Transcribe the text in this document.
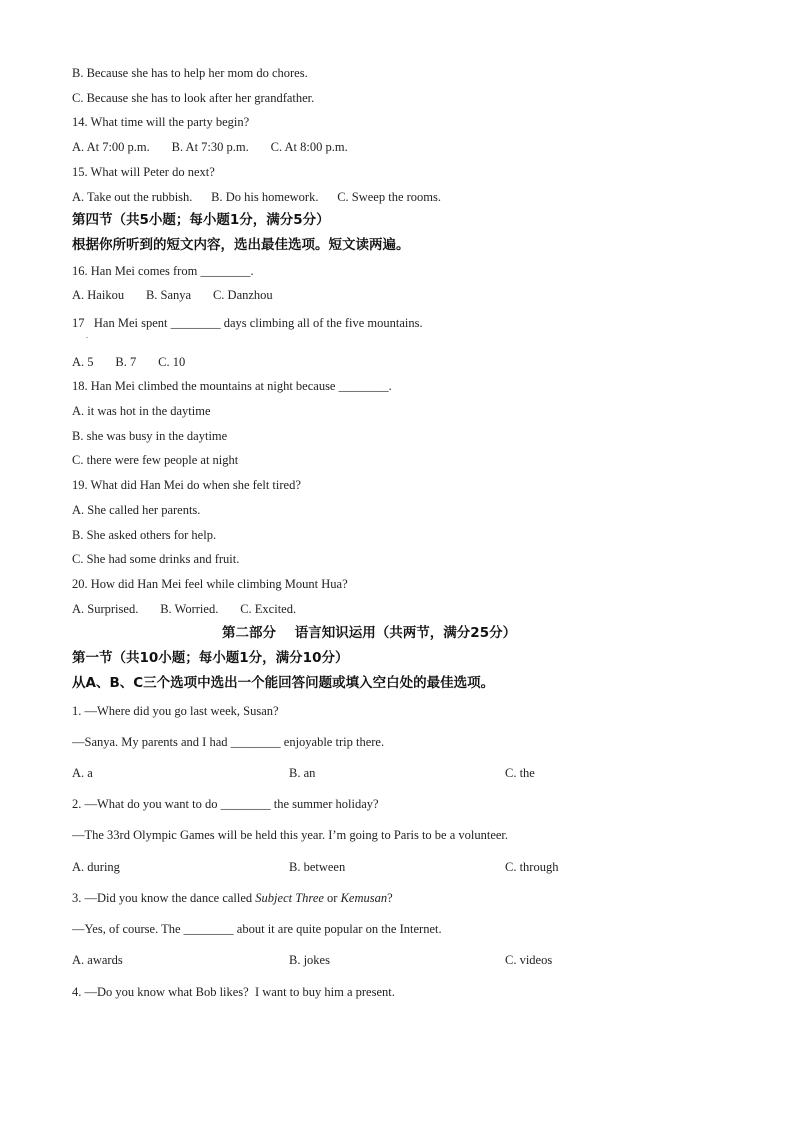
B. Because she has to help her mom do chores.
C. Because she has to look after her grandfather.
14. What time will the party begin?
A. At 7:00 p.m.       B. At 7:30 p.m.       C. At 8:00 p.m.
15. What will Peter do next?
A. Take out the rubbish.      B. Do his homework.      C. Sweep the rooms.
第四节（共5小题；每小题1分，满分5分）
根据你所听到的短文内容，选出最佳选项。短文读两遍。
16. Han Mei comes from ________.
A. Haikou       B. Sanya       C. Danzhou
17   Han Mei spent ________ days climbing all of the five mountains.
.
A. 5       B. 7       C. 10
18. Han Mei climbed the mountains at night because ________.
A. it was hot in the daytime
B. she was busy in the daytime
C. there were few people at night
19. What did Han Mei do when she felt tired?
A. She called her parents.
B. She asked others for help.
C. She had some drinks and fruit.
20. How did Han Mei feel while climbing Mount Hua?
A. Surprised.       B. Worried.       C. Excited.
第二部分    语言知识运用（共两节，满分25分）
第一节（共10小题；每小题1分，满分10分）
从A、B、C三个选项中选出一个能回答问题或填入空白处的最佳选项。
1. —Where did you go last week, Susan?
—Sanya. My parents and I had ________ enjoyable trip there.
A. a	B. an	C. the
2. —What do you want to do ________ the summer holiday?
—The 33rd Olympic Games will be held this year. I’m going to Paris to be a volunteer.
A. during	B. between	C. through
3. —Did you know the dance called Subject Three or Kemusan?
—Yes, of course. The ________ about it are quite popular on the Internet.
A. awards	B. jokes	C. videos
4. —Do you know what Bob likes?  I want to buy him a present.
